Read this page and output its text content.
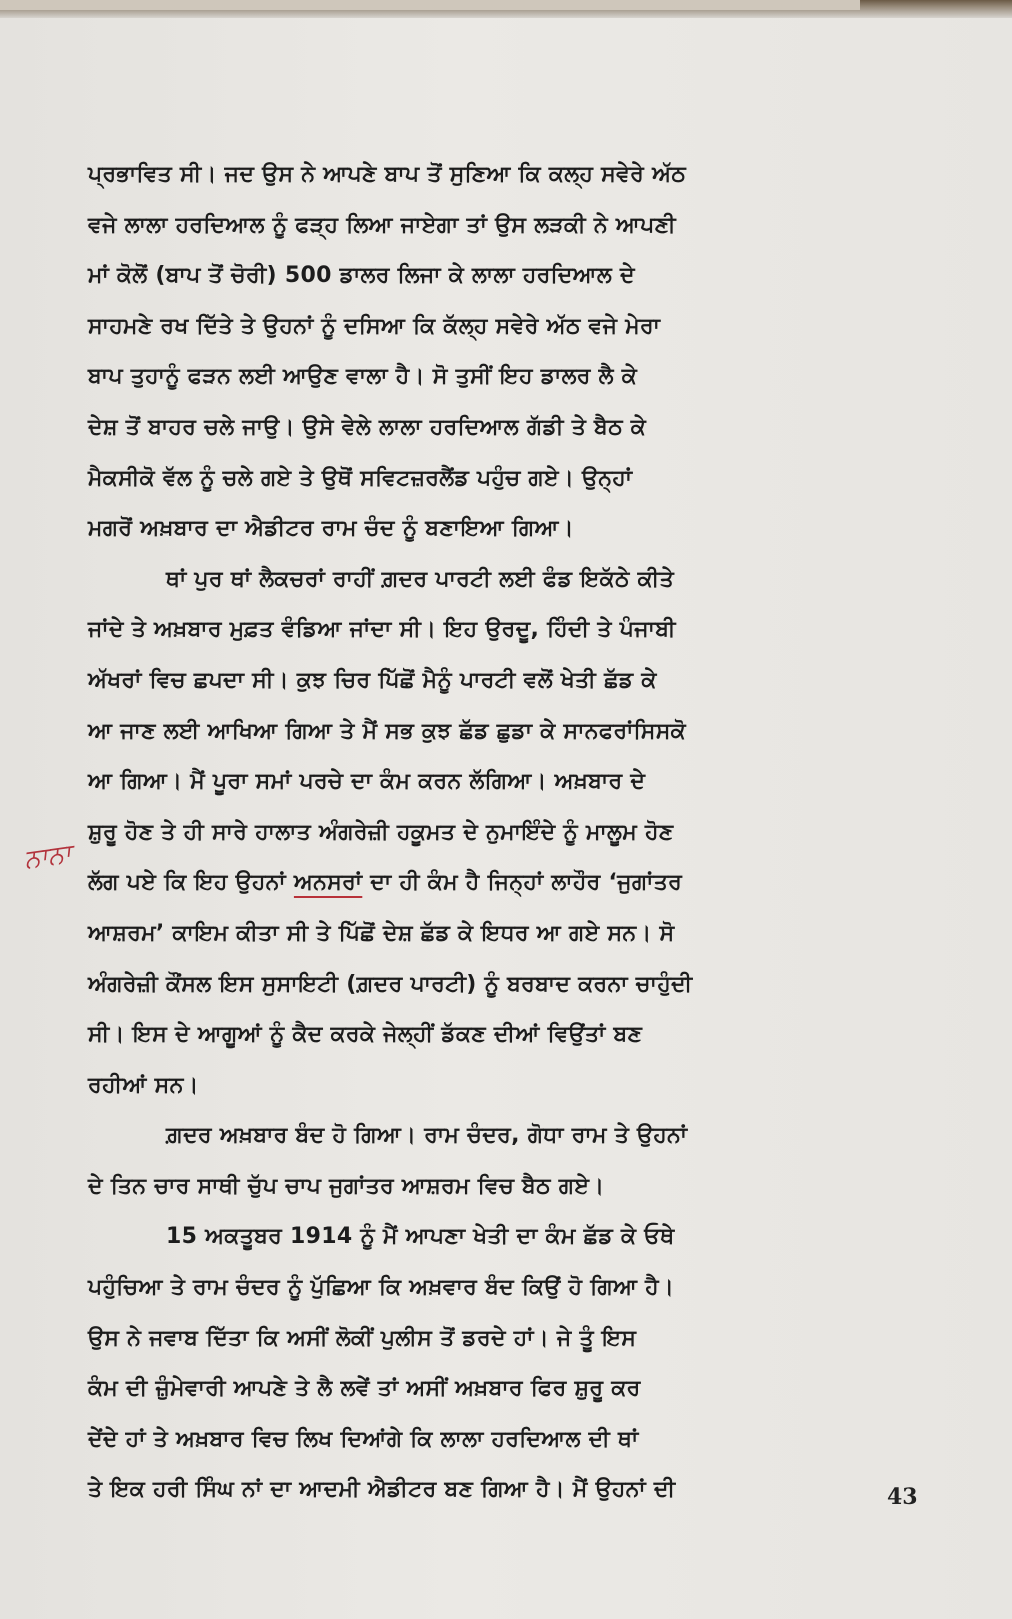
ਪ੍ਰਭਾਵਿਤ ਸੀ। ਜਦ ਉਸ ਨੇ ਆਪਣੇ ਬਾਪ ਤੋਂ ਸੁਣਿਆ ਕਿ ਕਲ੍ਹ ਸਵੇਰੇ ਅੱਠ
ਵਜੇ ਲਾਲਾ ਹਰਦਿਆਲ ਨੂੰ ਫੜ੍ਹ ਲਿਆ ਜਾਏਗਾ ਤਾਂ ਉਸ ਲੜਕੀ ਨੇ ਆਪਣੀ
ਮਾਂ ਕੋਲੋਂ (ਬਾਪ ਤੋਂ ਚੋਰੀ) 500 ਡਾਲਰ ਲਿਜਾ ਕੇ ਲਾਲਾ ਹਰਦਿਆਲ ਦੇ
ਸਾਹਮਣੇ ਰਖ ਦਿੱਤੇ ਤੇ ਉਹਨਾਂ ਨੂੰ ਦਸਿਆ ਕਿ ਕੱਲ੍ਹ ਸਵੇਰੇ ਅੱਠ ਵਜੇ ਮੇਰਾ
ਬਾਪ ਤੁਹਾਨੂੰ ਫੜਨ ਲਈ ਆਉਣ ਵਾਲਾ ਹੈ। ਸੋ ਤੁਸੀਂ ਇਹ ਡਾਲਰ ਲੈ ਕੇ
ਦੇਸ਼ ਤੋਂ ਬਾਹਰ ਚਲੇ ਜਾਉ। ਉਸੇ ਵੇਲੇ ਲਾਲਾ ਹਰਦਿਆਲ ਗੱਡੀ ਤੇ ਬੈਠ ਕੇ
ਮੈਕਸੀਕੋ ਵੱਲ ਨੂੰ ਚਲੇ ਗਏ ਤੇ ਉਥੋਂ ਸਵਿਟਜ਼ਰਲੈਂਡ ਪਹੁੰਚ ਗਏ। ਉਨ੍ਹਾਂ
ਮਗਰੋਂ ਅਖ਼ਬਾਰ ਦਾ ਐਡੀਟਰ ਰਾਮ ਚੰਦ ਨੂੰ ਬਣਾਇਆ ਗਿਆ।
ਥਾਂ ਪੁਰ ਥਾਂ ਲੈਕਚਰਾਂ ਰਾਹੀਂ ਗ਼ਦਰ ਪਾਰਟੀ ਲਈ ਫੰਡ ਇਕੱਠੇ ਕੀਤੇ
ਜਾਂਦੇ ਤੇ ਅਖ਼ਬਾਰ ਮੁਫ਼ਤ ਵੰਡਿਆ ਜਾਂਦਾ ਸੀ। ਇਹ ਉਰਦੂ, ਹਿੰਦੀ ਤੇ ਪੰਜਾਬੀ
ਅੱਖਰਾਂ ਵਿਚ ਛਪਦਾ ਸੀ। ਕੁਝ ਚਿਰ ਪਿੱਛੋਂ ਮੈਨੂੰ ਪਾਰਟੀ ਵਲੋਂ ਖੇਤੀ ਛੱਡ ਕੇ
ਆ ਜਾਣ ਲਈ ਆਖਿਆ ਗਿਆ ਤੇ ਮੈਂ ਸਭ ਕੁਝ ਛੱਡ ਛੁਡਾ ਕੇ ਸਾਨਫਰਾਂਸਿਸਕੋ
ਆ ਗਿਆ। ਮੈਂ ਪੂਰਾ ਸਮਾਂ ਪਰਚੇ ਦਾ ਕੰਮ ਕਰਨ ਲੱਗਿਆ। ਅਖ਼ਬਾਰ ਦੇ
ਸ਼ੁਰੂ ਹੋਣ ਤੇ ਹੀ ਸਾਰੇ ਹਾਲਾਤ ਅੰਗਰੇਜ਼ੀ ਹਕੂਮਤ ਦੇ ਨੁਮਾਇੰਦੇ ਨੂੰ ਮਾਲੂਮ ਹੋਣ
ਲੱਗ ਪਏ ਕਿ ਇਹ ਉਹਨਾਂ ਅਨਸਰਾਂ ਦਾ ਹੀ ਕੰਮ ਹੈ ਜਿਨ੍ਹਾਂ ਲਾਹੌਰ ‘ਜੁਗਾਂਤਰ
ਆਸ਼ਰਮ’ ਕਾਇਮ ਕੀਤਾ ਸੀ ਤੇ ਪਿੱਛੋਂ ਦੇਸ਼ ਛੱਡ ਕੇ ਇਧਰ ਆ ਗਏ ਸਨ। ਸੋ
ਅੰਗਰੇਜ਼ੀ ਕੌਂਸਲ ਇਸ ਸੁਸਾਇਟੀ (ਗ਼ਦਰ ਪਾਰਟੀ) ਨੂੰ ਬਰਬਾਦ ਕਰਨਾ ਚਾਹੁੰਦੀ
ਸੀ। ਇਸ ਦੇ ਆਗੂਆਂ ਨੂੰ ਕੈਦ ਕਰਕੇ ਜੇਲ੍ਹੀਂ ਡੱਕਣ ਦੀਆਂ ਵਿਉਂਤਾਂ ਬਣ
ਰਹੀਆਂ ਸਨ।
ਗ਼ਦਰ ਅਖ਼ਬਾਰ ਬੰਦ ਹੋ ਗਿਆ। ਰਾਮ ਚੰਦਰ, ਗੋਧਾ ਰਾਮ ਤੇ ਉਹਨਾਂ
ਦੇ ਤਿਨ ਚਾਰ ਸਾਥੀ ਚੁੱਪ ਚਾਪ ਜੁਗਾਂਤਰ ਆਸ਼ਰਮ ਵਿਚ ਬੈਠ ਗਏ।
15 ਅਕਤੂਬਰ 1914 ਨੂੰ ਮੈਂ ਆਪਣਾ ਖੇਤੀ ਦਾ ਕੰਮ ਛੱਡ ਕੇ ਓਥੇ
ਪਹੁੰਚਿਆ ਤੇ ਰਾਮ ਚੰਦਰ ਨੂੰ ਪੁੱਛਿਆ ਕਿ ਅਖ਼ਵਾਰ ਬੰਦ ਕਿਉਂ ਹੋ ਗਿਆ ਹੈ।
ਉਸ ਨੇ ਜਵਾਬ ਦਿੱਤਾ ਕਿ ਅਸੀਂ ਲੋਕੀਂ ਪੁਲੀਸ ਤੋਂ ਡਰਦੇ ਹਾਂ। ਜੇ ਤੂੰ ਇਸ
ਕੰਮ ਦੀ ਜ਼ੁੰਮੇਵਾਰੀ ਆਪਣੇ ਤੇ ਲੈ ਲਵੇਂ ਤਾਂ ਅਸੀਂ ਅਖ਼ਬਾਰ ਫਿਰ ਸ਼ੁਰੂ ਕਰ
ਦੇਂਦੇ ਹਾਂ ਤੇ ਅਖ਼ਬਾਰ ਵਿਚ ਲਿਖ ਦਿਆਂਗੇ ਕਿ ਲਾਲਾ ਹਰਦਿਆਲ ਦੀ ਥਾਂ
ਤੇ ਇਕ ਹਰੀ ਸਿੰਘ ਨਾਂ ਦਾ ਆਦਮੀ ਐਡੀਟਰ ਬਣ ਗਿਆ ਹੈ। ਮੈਂ ਉਹਨਾਂ ਦੀ
ਨਾਨਾ
43
